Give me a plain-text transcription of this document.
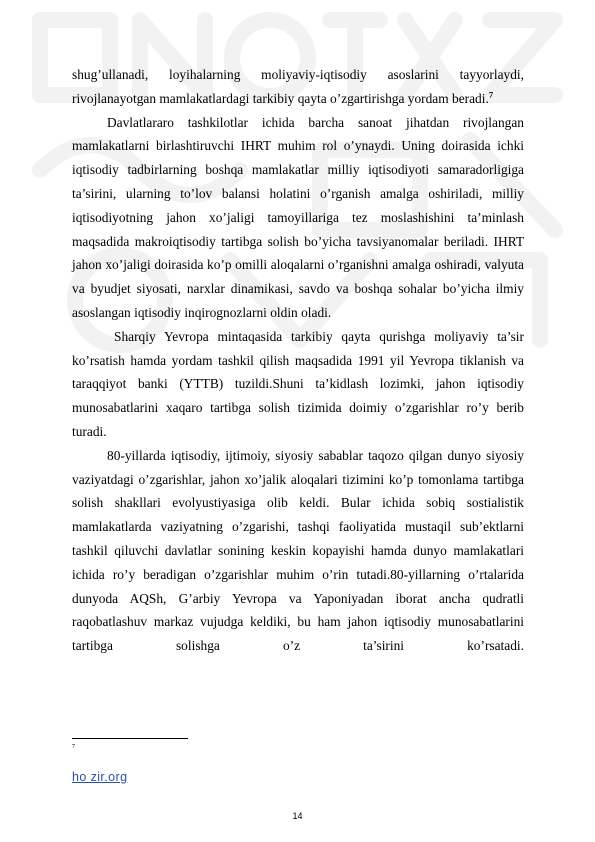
shug’ullanadi, loyihalarning moliyaviy-iqtisodiy asoslarini tayyorlaydi, rivojlanayotgan mamlakatlardagi tarkibiy qayta o’zgartirishga yordam beradi.$^7$

Davlatlararo tashkilotlar ichida barcha sanoat jihatdan rivojlangan mamlakatlarni birlashtiruvchi IHRT muhim rol o’ynaydi. Uning doirasida ichki iqtisodiy tadbirlarning boshqa mamlakatlar milliy iqtisodiyoti samaradorligiga ta’sirini, ularning to’lov balansi holatini o’rganish amalga oshiriladi, milliy iqtisodiyotning jahon xo’jaligi tamoyillariga tez moslashishini ta’minlash maqsadida makroiqtisodiy tartibga solish bo’yicha tavsiyanomalar beriladi. IHRT jahon xo’jaligi doirasida ko’p omilli aloqalarni o’rganishni amalga oshiradi, valyuta va byudjet siyosati, narxlar dinamikasi, savdo va boshqa sohalar bo’yicha ilmiy asoslangan iqtisodiy inqirognozlarni oldin oladi.

Sharqiy Yevropa mintaqasida tarkibiy qayta qurishga moliyaviy ta’sir ko’rsatish hamda yordam tashkil qilish maqsadida 1991 yil Yevropa tiklanish va taraqqiyot banki (YTTB) tuzildi.Shuni ta’kidlash lozimki, jahon iqtisodiy munosabatlarini xaqaro tartibga solish tizimida doimiy o’zgarishlar ro’y berib turadi.

80-yillarda iqtisodiy, ijtimoiy, siyosiy sabablar taqozo qilgan dunyo siyosiy vaziyatdagi o’zgarishlar, jahon xo’jalik aloqalari tizimini ko’p tomonlama tartibga solish shakllari evolyustiyasiga olib keldi. Bular ichida sobiq sostialistik mamlakatlarda vaziyatning o’zgarishi, tashqi faoliyatida mustaqil sub’ektlarni tashkil qiluvchi davlatlar sonining keskin kopayishi hamda dunyo mamlakatlari ichida ro’y beradigan o’zgarishlar muhim o’rin tutadi.80-yillarning o’rtalarida dunyoda AQSh, G’arbiy Yevropa va Yaponiyadan iborat ancha qudratli raqobatlashuv markaz vujudga keldiki, bu ham jahon iqtisodiy munosabatlarini tartibga solishga o’z ta’sirini ko’rsatadi.

7
ho zir.org
14
